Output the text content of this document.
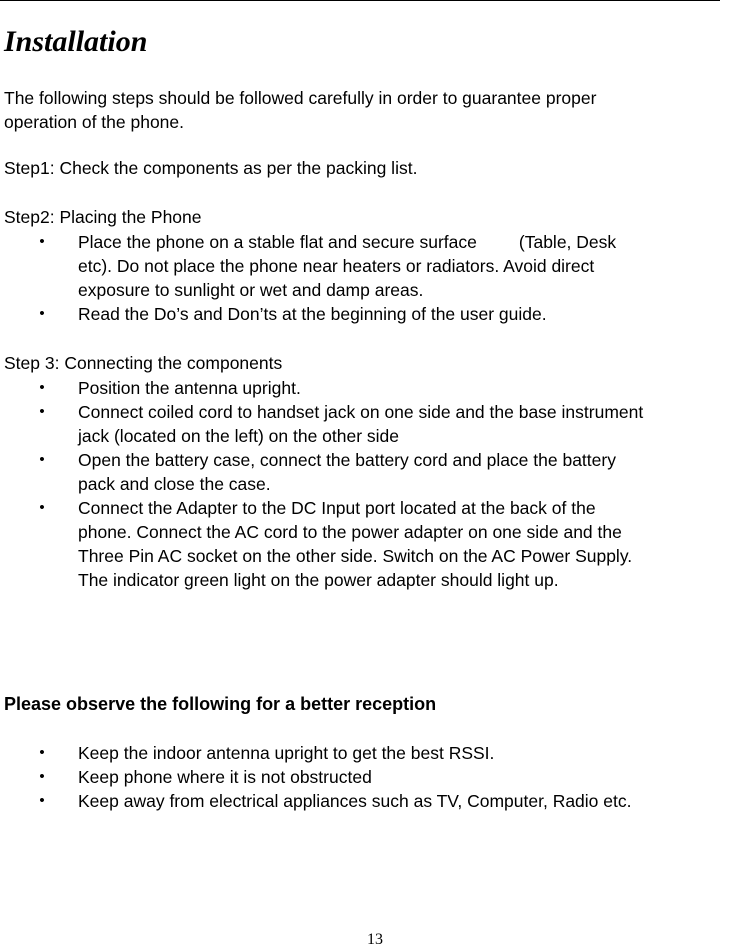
Installation

The following steps should be followed carefully in order to guarantee proper
operation of the phone.

Step1: Check the components as per the packing list.

Step2: Placing the Phone

• Place the phone on a stable flat and secure surface (Table, Desk
etc). Do not place the phone near heaters or radiators. Avoid direct
exposure to sunlight or wet and damp areas.
• Read the Do’s and Don’ts at the beginning of the user guide.

Step 3: Connecting the components

• Position the antenna upright.
• Connect coiled cord to handset jack on one side and the base instrument
jack (located on the left) on the other side
• Open the battery case, connect the battery cord and place the battery
pack and close the case.
• Connect the Adapter to the DC Input port located at the back of the
phone. Connect the AC cord to the power adapter on one side and the
Three Pin AC socket on the other side. Switch on the AC Power Supply.
The indicator green light on the power adapter should light up.

Please observe the following for a better reception

• Keep the indoor antenna upright to get the best RSSI.
• Keep phone where it is not obstructed
• Keep away from electrical appliances such as TV, Computer, Radio etc.
13
